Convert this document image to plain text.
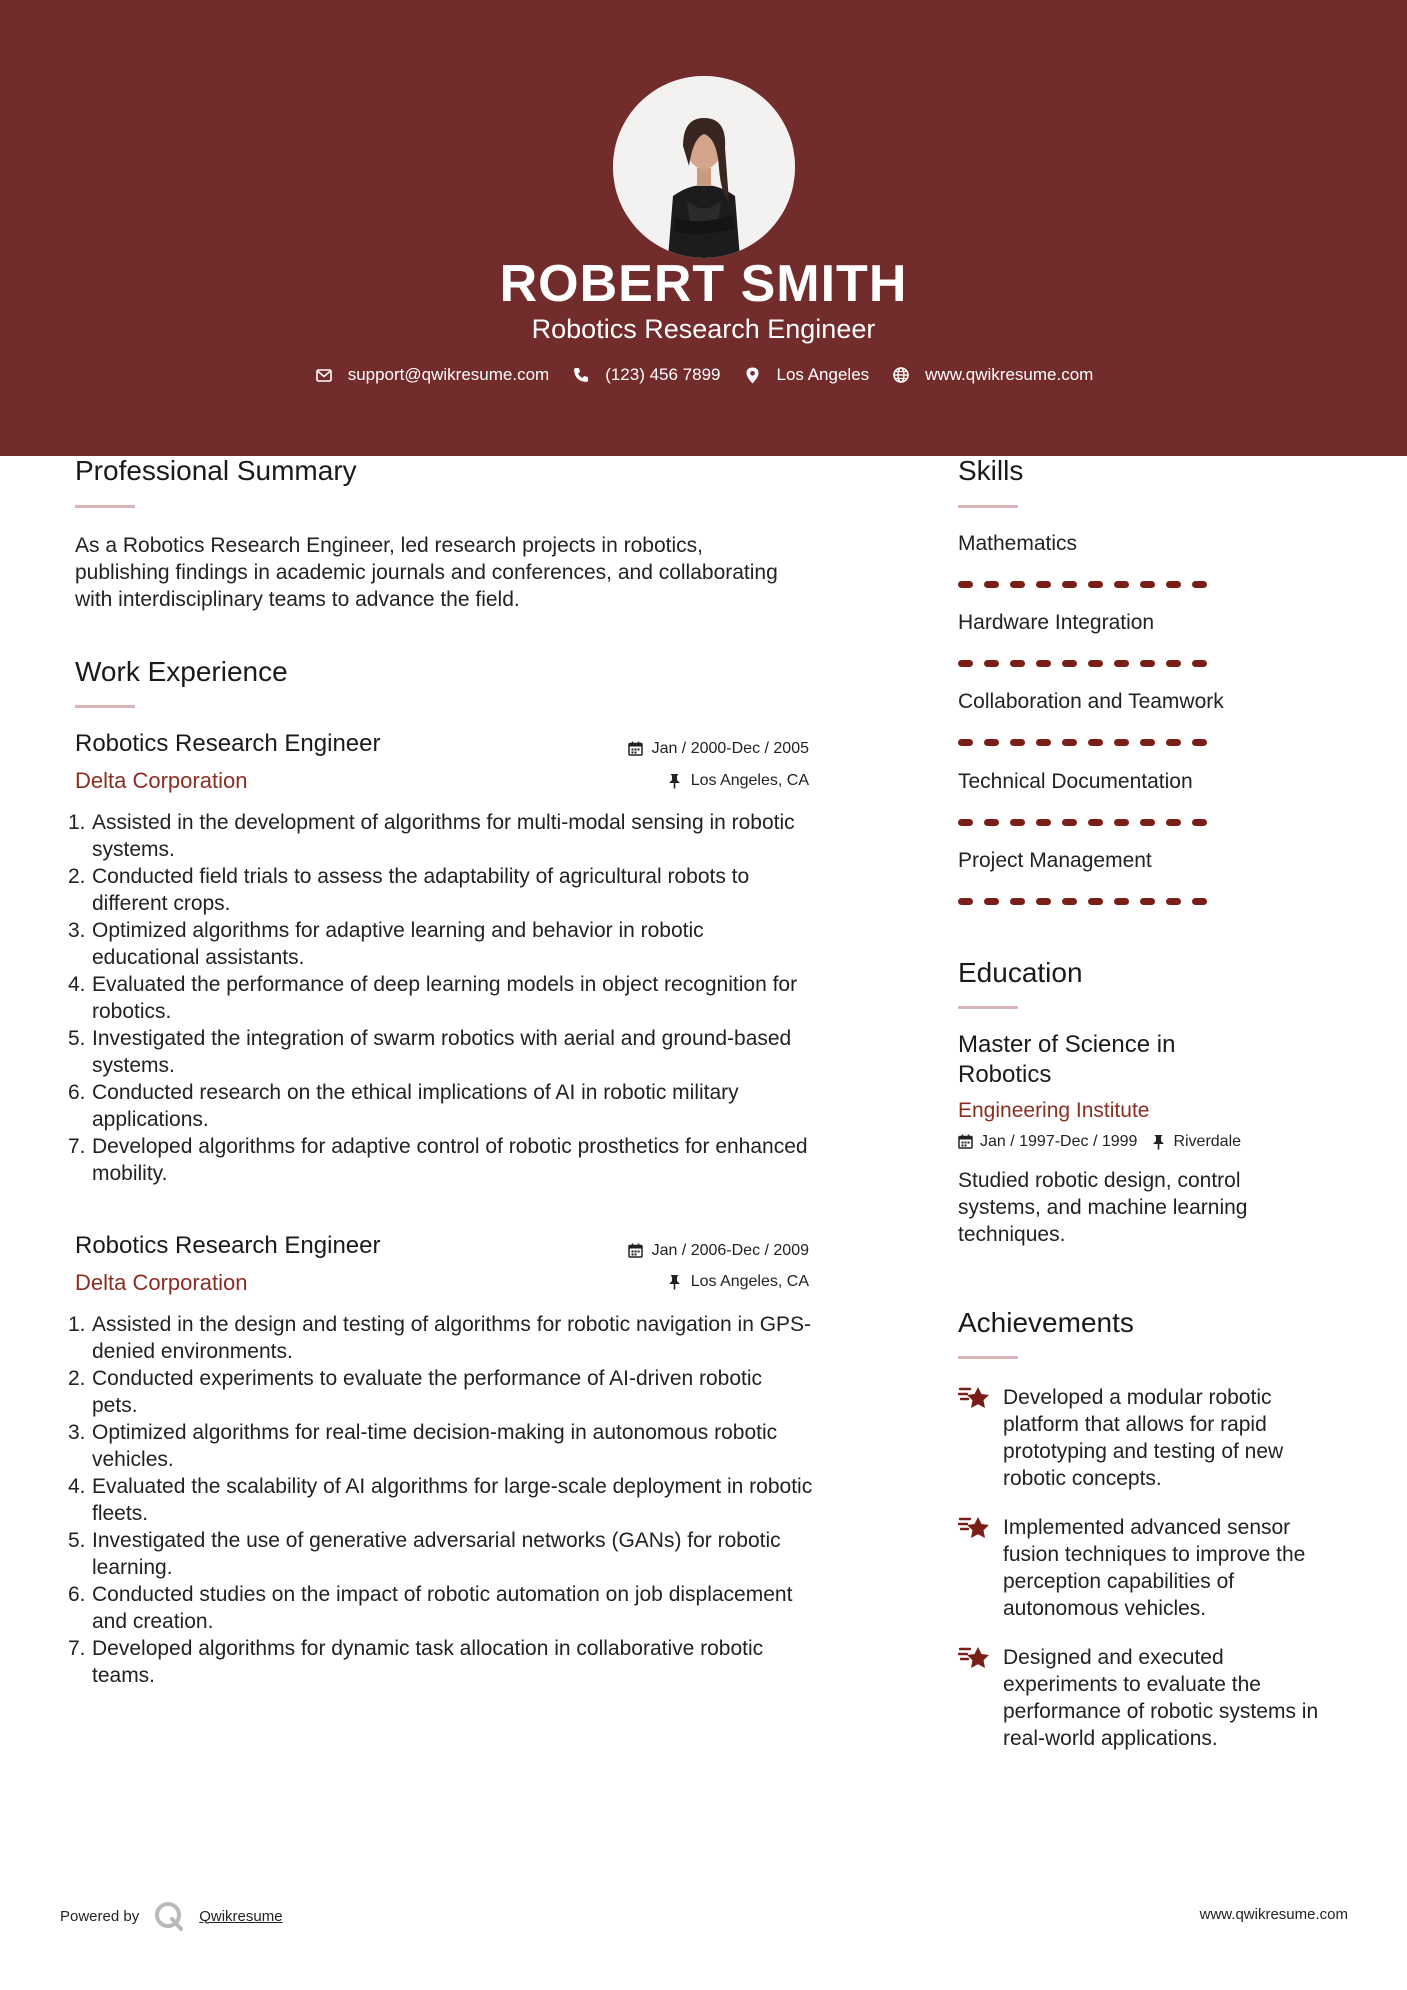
ROBERT SMITH
Robotics Research Engineer
support@qwikresume.com	(123) 456 7899	Los Angeles	www.qwikresume.com
Professional Summary
As a Robotics Research Engineer, led research projects in robotics, publishing findings in academic journals and conferences, and collaborating with interdisciplinary teams to advance the field.
Work Experience
Robotics Research Engineer	Jan / 2000-Dec / 2005
Delta Corporation	Los Angeles, CA
1. Assisted in the development of algorithms for multi-modal sensing in robotic systems.
2. Conducted field trials to assess the adaptability of agricultural robots to different crops.
3. Optimized algorithms for adaptive learning and behavior in robotic educational assistants.
4. Evaluated the performance of deep learning models in object recognition for robotics.
5. Investigated the integration of swarm robotics with aerial and ground-based systems.
6. Conducted research on the ethical implications of AI in robotic military applications.
7. Developed algorithms for adaptive control of robotic prosthetics for enhanced mobility.
Robotics Research Engineer	Jan / 2006-Dec / 2009
Delta Corporation	Los Angeles, CA
1. Assisted in the design and testing of algorithms for robotic navigation in GPS-denied environments.
2. Conducted experiments to evaluate the performance of AI-driven robotic pets.
3. Optimized algorithms for real-time decision-making in autonomous robotic vehicles.
4. Evaluated the scalability of AI algorithms for large-scale deployment in robotic fleets.
5. Investigated the use of generative adversarial networks (GANs) for robotic learning.
6. Conducted studies on the impact of robotic automation on job displacement and creation.
7. Developed algorithms for dynamic task allocation in collaborative robotic teams.
Skills
Mathematics
Hardware Integration
Collaboration and Teamwork
Technical Documentation
Project Management
Education
Master of Science in Robotics
Engineering Institute
Jan / 1997-Dec / 1999 Riverdale
Studied robotic design, control systems, and machine learning techniques.
Achievements
Developed a modular robotic platform that allows for rapid prototyping and testing of new robotic concepts.
Implemented advanced sensor fusion techniques to improve the perception capabilities of autonomous vehicles.
Designed and executed experiments to evaluate the performance of robotic systems in real-world applications.
Powered by	Qwikresume	www.qwikresume.com
